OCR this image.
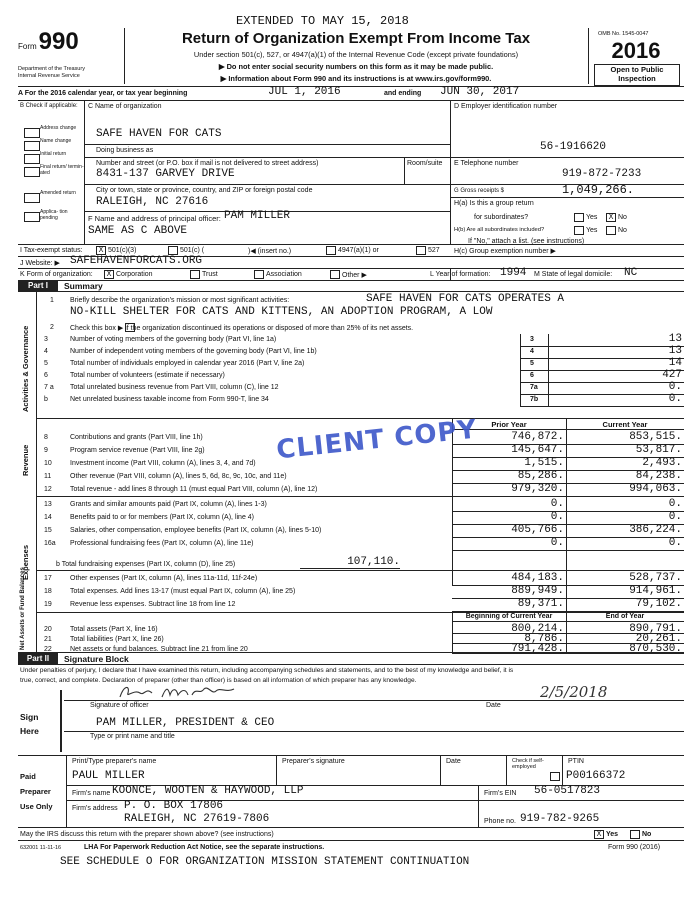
EXTENDED TO MAY 15, 2018
Form 990
Department of the Treasury
Internal Revenue Service
Return of Organization Exempt From Income Tax
Under section 501(c), 527, or 4947(a)(1) of the Internal Revenue Code (except private foundations)
▶ Do not enter social security numbers on this form as it may be made public.
▶ Information about Form 990 and its instructions is at www.irs.gov/form990.
OMB No. 1545-0047
2016
Open to Public
Inspection
A For the 2016 calendar year, or tax year beginning	JUL 1, 2016	and ending JUN 30, 2017
B Check if applicable:
Address change
Name change
Initial return
Final return/ termin- ated
Amended return
Applica- tion pending
C Name of organization
SAFE HAVEN FOR CATS
Doing business as
Number and street (or P.O. box if mail is not delivered to street address)	Room/suite
8431-137 GARVEY DRIVE
City or town, state or province, country, and ZIP or foreign postal code
RALEIGH, NC 27616
F Name and address of principal officer: PAM MILLER
SAME AS C ABOVE
D Employer identification number
56-1916620
E Telephone number
919-872-7233
G Gross receipts $	1,049,266.
H(a) Is this a group return
for subordinates?	Yes	X No
H(b) Are all subordinates included?	Yes	No
If "No," attach a list. (see instructions)
I Tax-exempt status:	X 501(c)(3)	501(c) (	)◀ (insert no.)	4947(a)(1) or	527 H(c) Group exemption number ▶
J Website: ▶ SAFEHAVENFORCATS.ORG
K Form of organization:	X Corporation	Trust	Association	Other ▶	L Year of formation: 1994 M State of legal domicile: NC
Part I	Summary
Activities & Governance
Revenue
Expenses
Net Assets or Fund Balances
1 Briefly describe the organization's mission or most significant activities:	SAFE HAVEN FOR CATS OPERATES A
NO-KILL SHELTER FOR CATS AND KITTENS, AN ADOPTION PROGRAM, A LOW
2 Check this box ▶ if the organization discontinued its operations or disposed of more than 25% of its net assets.
3	Number of voting members of the governing body (Part VI, line 1a)	3	13
4	Number of independent voting members of the governing body (Part VI, line 1b)	4	13
5	Total number of individuals employed in calendar year 2016 (Part V, line 2a)	5	14
6	Total number of volunteers (estimate if necessary)	6	427
7 a Total unrelated business revenue from Part VIII, column (C), line 12	7a	0.
b	Net unrelated business taxable income from Form 990-T, line 34	7b	0.
Prior Year	Current Year
8	Contributions and grants (Part VIII, line 1h)	746,872.	853,515.
9	Program service revenue (Part VIII, line 2g)	145,647.	53,817.
10	Investment income (Part VIII, column (A), lines 3, 4, and 7d)	1,515.	2,493.
11	Other revenue (Part VIII, column (A), lines 5, 6d, 8c, 9c, 10c, and 11e)	85,286.	84,238.
12	Total revenue - add lines 8 through 11 (must equal Part VIII, column (A), line 12)	979,320.	994,063.
13	Grants and similar amounts paid (Part IX, column (A), lines 1-3)	0.	0.
14	Benefits paid to or for members (Part IX, column (A), line 4)	0.	0.
15	Salaries, other compensation, employee benefits (Part IX, column (A), lines 5-10)	405,766.	386,224.
16a Professional fundraising fees (Part IX, column (A), line 11e)	0.	0.
b Total fundraising expenses (Part IX, column (D), line 25)	107,110.
17	Other expenses (Part IX, column (A), lines 11a-11d, 11f-24e)	484,183.	528,737.
18	Total expenses. Add lines 13-17 (must equal Part IX, column (A), line 25)	889,949.	914,961.
19	Revenue less expenses. Subtract line 18 from line 12	89,371.	79,102.
Beginning of Current Year	End of Year
20	Total assets (Part X, line 16)	800,214.	890,791.
21	Total liabilities (Part X, line 26)	8,786.	20,261.
22	Net assets or fund balances. Subtract line 21 from line 20	791,428.	870,530.
CLIENT COPY
Part II	Signature Block
Under penalties of perjury, I declare that I have examined this return, including accompanying schedules and statements, and to the best of my knowledge and belief, it is
true, correct, and complete. Declaration of preparer (other than officer) is based on all information of which preparer has any knowledge.
Sign
Here
Signature of officer	Date
2/5/2018
PAM MILLER, PRESIDENT & CEO
Type or print name and title
Paid
Preparer
Use Only
Print/Type preparer's name	Preparer's signature	Date	Check if self-employed
PTIN
PAUL MILLER	P00166372
Firm's name KOONCE, WOOTEN & HAYWOOD, LLP	Firm's EIN 56-0517823
Firm's address P. O. BOX 17806
RALEIGH, NC 27619-7806	Phone no. 919-782-9265
May the IRS discuss this return with the preparer shown above? (see instructions)	X Yes	No
632001 11-11-16	LHA For Paperwork Reduction Act Notice, see the separate instructions.	Form 990 (2016)
SEE SCHEDULE O FOR ORGANIZATION MISSION STATEMENT CONTINUATION
